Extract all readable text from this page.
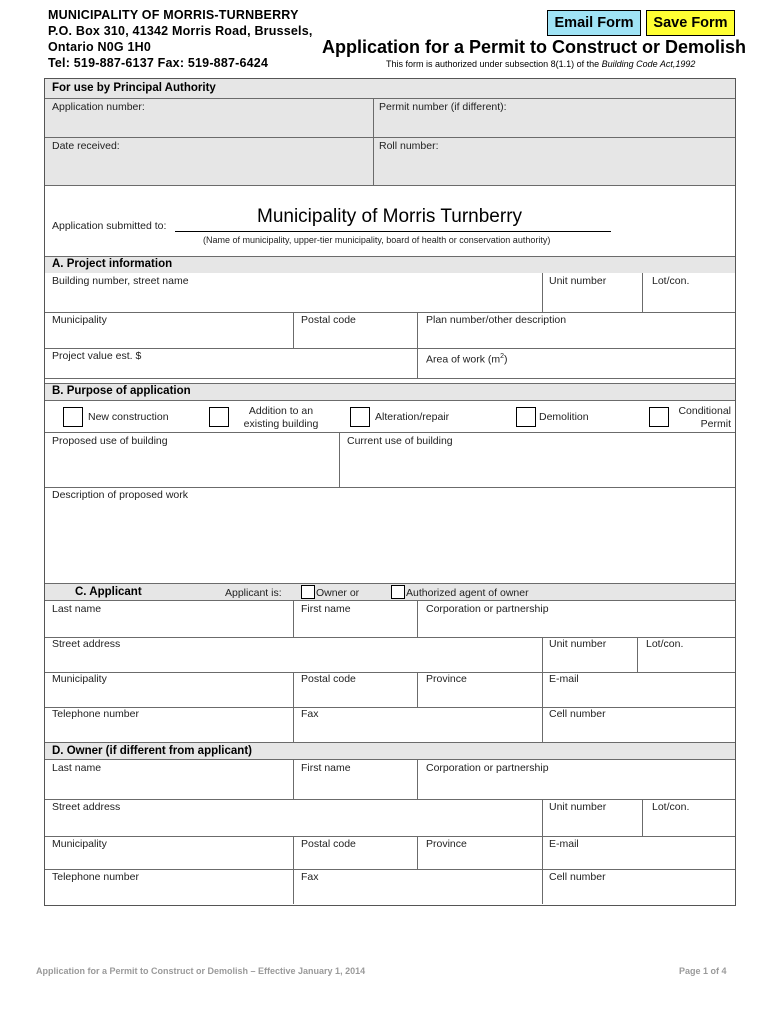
MUNICIPALITY OF MORRIS-TURNBERRY
P.O. Box 310, 41342 Morris Road, Brussels,
Ontario N0G 1H0
Tel: 519-887-6137 Fax: 519-887-6424
Email Form	Save Form
Application for a Permit to Construct or Demolish
This form is authorized under subsection 8(1.1) of the Building Code Act,1992
For use by Principal Authority
Application number:	Permit number (if different):
Date received:	Roll number:
Application submitted to:	Municipality of Morris Turnberry
(Name of municipality, upper-tier municipality, board of health or conservation authority)
A. Project information
Building number, street name	Unit number	Lot/con.
Municipality	Postal code	Plan number/other description
Project value est. $	Area of work $(m^2)$
B. Purpose of application
New construction	Addition to an
existing building
Alteration/repair	Demolition	Conditional
Permit
Proposed use of building	Current use of building
Description of proposed work
C. Applicant	Applicant is:	Owner or	Authorized agent of owner
Last name	First name	Corporation or partnership
Street address	Unit number	Lot/con.
Municipality	Postal code	Province	E-mail
Telephone number	Fax	Cell number
D. Owner (if different from applicant)
Last name	First name	Corporation or partnership
Street address	Unit number	Lot/con.
Municipality	Postal code	Province	E-mail
Telephone number	Fax	Cell number
Application for a Permit to Construct or Demolish – Effective January 1, 2014	Page 1 of 4
